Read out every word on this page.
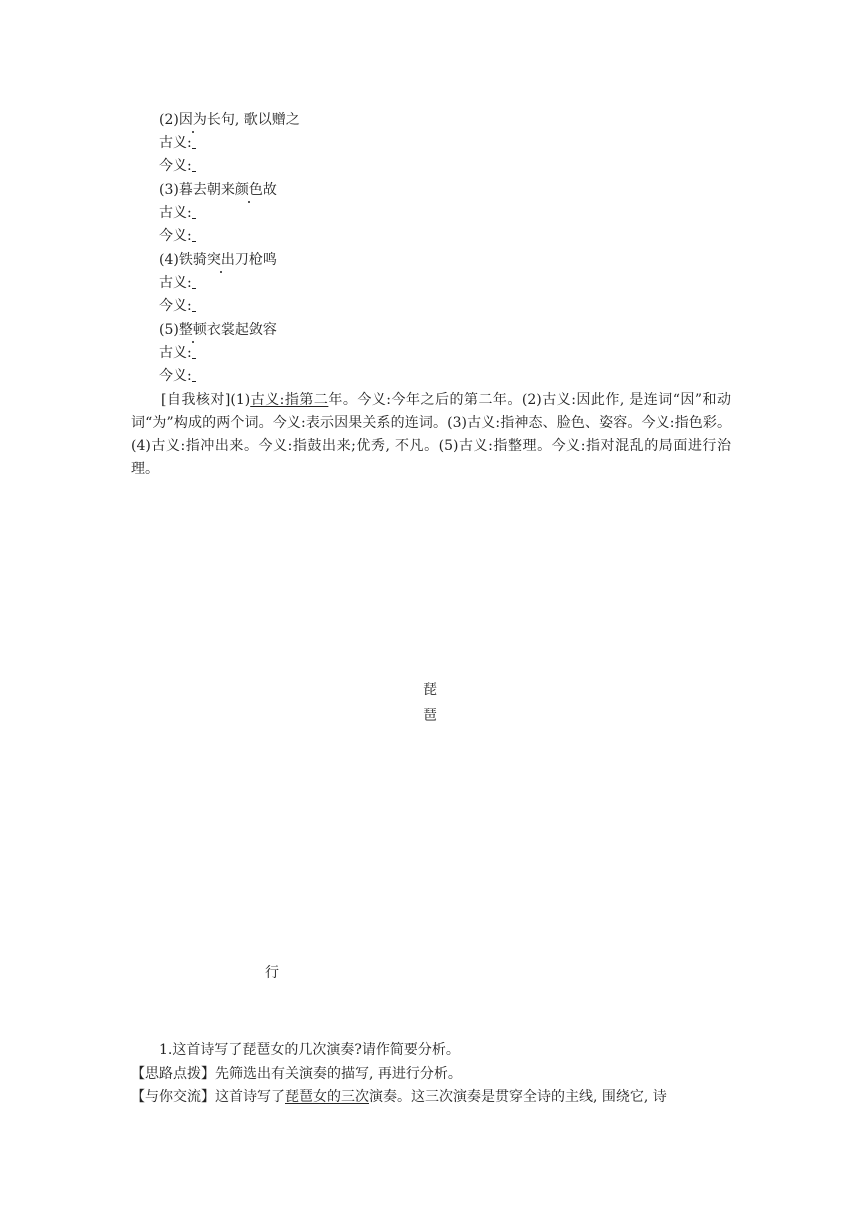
(2)因为长句, 歌以赠之
古义:
今义:
(3)暮去朝来颜色故
古义:
今义:
(4)铁骑突出刀枪鸣
古义:
今义:
(5)整顿衣裳起敛容
古义:
今义:
[自我核对](1)古义:指第二年。今义:今年之后的第二年。(2)古义:因此作, 是连词“因”和动词“为”构成的两个词。今义:表示因果关系的连词。(3)古义:指神态、脸色、姿容。今义:指色彩。(4)古义:指冲出来。今义:指鼓出来;优秀, 不凡。(5)古义:指整理。今义:指对混乱的局面进行治理。
琵
琶
行
1.这首诗写了琵琶女的几次演奏?请作简要分析。
【思路点拨】先筛选出有关演奏的描写, 再进行分析。
【与你交流】这首诗写了琵琶女的三次演奏。这三次演奏是贯穿全诗的主线, 围绕它, 诗
